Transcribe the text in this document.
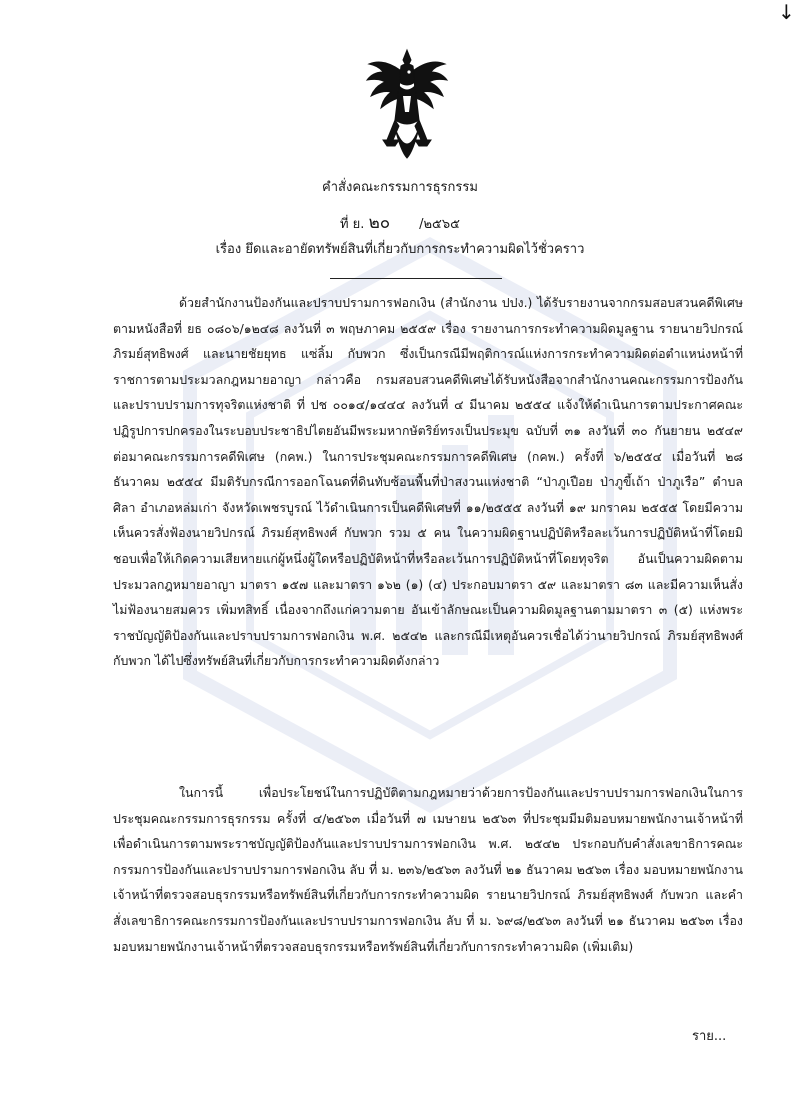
↓
คำสั่งคณะกรรมการธุรกรรม
ที่ ย. ๒๐ /๒๕๖๕
เรื่อง ยึดและอายัดทรัพย์สินที่เกี่ยวกับการกระทำความผิดไว้ชั่วคราว
ด้วยสำนักงานป้องกันและปราบปรามการฟอกเงิน (สำนักงาน ปปง.) ได้รับรายงานจากกรมสอบสวนคดีพิเศษ ตามหนังสือที่ ยธ ๐๘๐๖/๑๒๔๘ ลงวันที่ ๓ พฤษภาคม ๒๕๕๙ เรื่อง รายงานการกระทำความผิดมูลฐาน รายนายวิปกรณ์ ภิรมย์สุทธิพงศ์ และนายชัยยุทธ แซ่ลิ้ม กับพวก ซึ่งเป็นกรณีมีพฤติการณ์แห่งการกระทำความผิดต่อตำแหน่งหน้าที่ราชการตามประมวลกฎหมายอาญา กล่าวคือ กรมสอบสวนคดีพิเศษได้รับหนังสือจากสำนักงานคณะกรรมการป้องกันและปราบปรามการทุจริตแห่งชาติ ที่ ปช ๐๐๑๔/๑๔๔๔ ลงวันที่ ๔ มีนาคม ๒๕๕๔ แจ้งให้ดำเนินการตามประกาศคณะปฏิรูปการปกครองในระบอบประชาธิปไตยอันมีพระมหากษัตริย์ทรงเป็นประมุข ฉบับที่ ๓๑ ลงวันที่ ๓๐ กันยายน ๒๕๔๙ ต่อมาคณะกรรมการคดีพิเศษ (กคพ.) ในการประชุมคณะกรรมการคดีพิเศษ (กคพ.) ครั้งที่ ๖/๒๕๕๔ เมื่อวันที่ ๒๘ ธันวาคม ๒๕๕๔ มีมติรับกรณีการออกโฉนดที่ดินทับซ้อนพื้นที่ป่าสงวนแห่งชาติ “ป่าภูเปือย ป่าภูขี้เถ้า ป่าภูเรือ” ตำบลศิลา อำเภอหล่มเก่า จังหวัดเพชรบูรณ์ ไว้ดำเนินการเป็นคดีพิเศษที่ ๑๑/๒๕๕๕ ลงวันที่ ๑๙ มกราคม ๒๕๕๕ โดยมีความเห็นควรสั่งฟ้องนายวิปกรณ์ ภิรมย์สุทธิพงศ์ กับพวก รวม ๕ คน ในความผิดฐานปฏิบัติหรือละเว้นการปฏิบัติหน้าที่โดยมิชอบเพื่อให้เกิดความเสียหายแก่ผู้หนึ่งผู้ใดหรือปฏิบัติหน้าที่หรือละเว้นการปฏิบัติหน้าที่โดยทุจริต อันเป็นความผิดตามประมวลกฎหมายอาญา มาตรา ๑๕๗ และมาตรา ๑๖๒ (๑) (๔) ประกอบมาตรา ๕๙ และมาตรา ๘๓ และมีความเห็นสั่งไม่ฟ้องนายสมควร เพิ่มทสิทธิ์ เนื่องจากถึงแก่ความตาย อันเข้าลักษณะเป็นความผิดมูลฐานตามมาตรา ๓ (๕) แห่งพระราชบัญญัติป้องกันและปราบปรามการฟอกเงิน พ.ศ. ๒๕๔๒ และกรณีมีเหตุอันควรเชื่อได้ว่านายวิปกรณ์ ภิรมย์สุทธิพงศ์ กับพวก ได้ไปซึ่งทรัพย์สินที่เกี่ยวกับการกระทำความผิดดังกล่าว
ในการนี้ เพื่อประโยชน์ในการปฏิบัติตามกฎหมายว่าด้วยการป้องกันและปราบปรามการฟอกเงินในการประชุมคณะกรรมการธุรกรรม ครั้งที่ ๔/๒๕๖๓ เมื่อวันที่ ๗ เมษายน ๒๕๖๓ ที่ประชุมมีมติมอบหมายพนักงานเจ้าหน้าที่เพื่อดำเนินการตามพระราชบัญญัติป้องกันและปราบปรามการฟอกเงิน พ.ศ. ๒๕๔๒ ประกอบกับคำสั่งเลขาธิการคณะกรรมการป้องกันและปราบปรามการฟอกเงิน ลับ ที่ ม. ๒๓๖/๒๕๖๓ ลงวันที่ ๒๑ ธันวาคม ๒๕๖๓ เรื่อง มอบหมายพนักงานเจ้าหน้าที่ตรวจสอบธุรกรรมหรือทรัพย์สินที่เกี่ยวกับการกระทำความผิด รายนายวิปกรณ์ ภิรมย์สุทธิพงศ์ กับพวก และคำสั่งเลขาธิการคณะกรรมการป้องกันและปราบปรามการฟอกเงิน ลับ ที่ ม. ๖๙๘/๒๕๖๓ ลงวันที่ ๒๑ ธันวาคม ๒๕๖๓ เรื่อง มอบหมายพนักงานเจ้าหน้าที่ตรวจสอบธุรกรรมหรือทรัพย์สินที่เกี่ยวกับการกระทำความผิด (เพิ่มเติม)
ราย...
